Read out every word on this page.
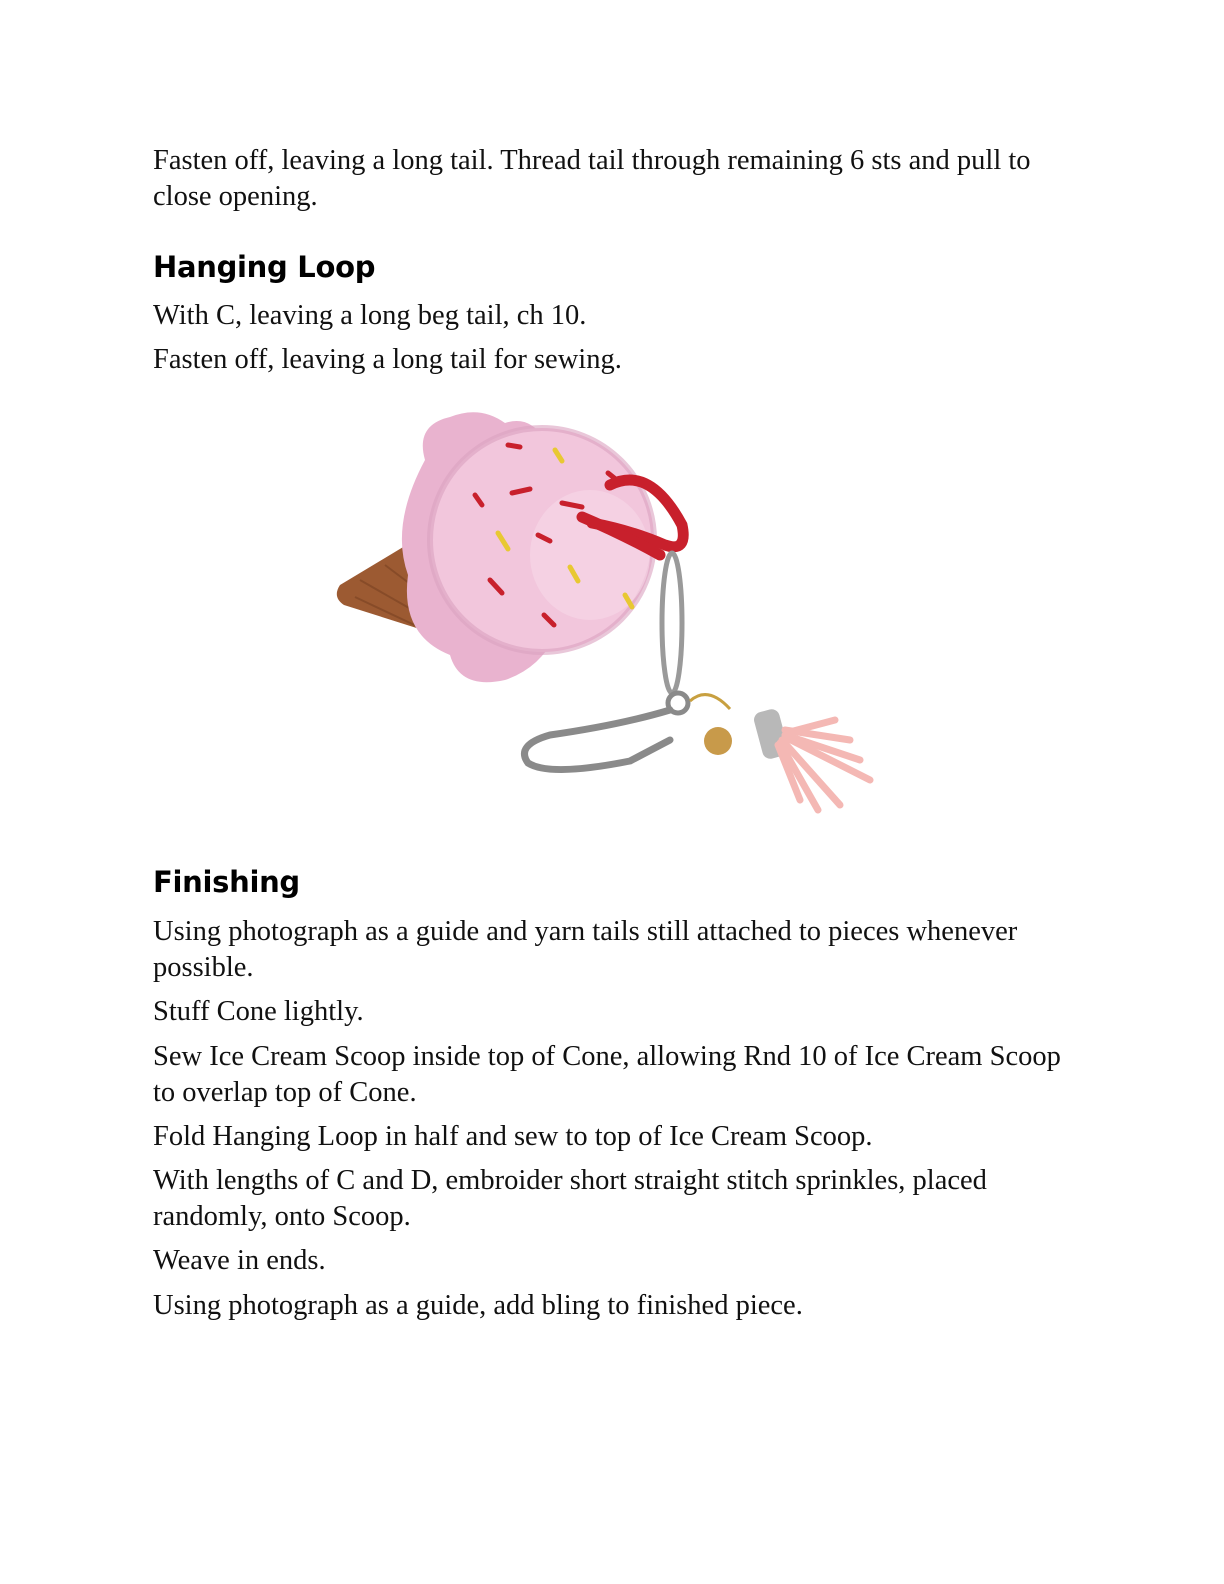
Fasten off, leaving a long tail. Thread tail through remaining 6 sts and pull to close opening.

Hanging Loop

With C, leaving a long beg tail, ch 10.

Fasten off, leaving a long tail for sewing.

Finishing

Using photograph as a guide and yarn tails still attached to pieces whenever possible.

Stuff Cone lightly.

Sew Ice Cream Scoop inside top of Cone, allowing Rnd 10 of Ice Cream Scoop to overlap top of Cone.

Fold Hanging Loop in half and sew to top of Ice Cream Scoop.

With lengths of C and D, embroider short straight stitch sprinkles, placed randomly, onto Scoop.

Weave in ends.

Using photograph as a guide, add bling to finished piece.
